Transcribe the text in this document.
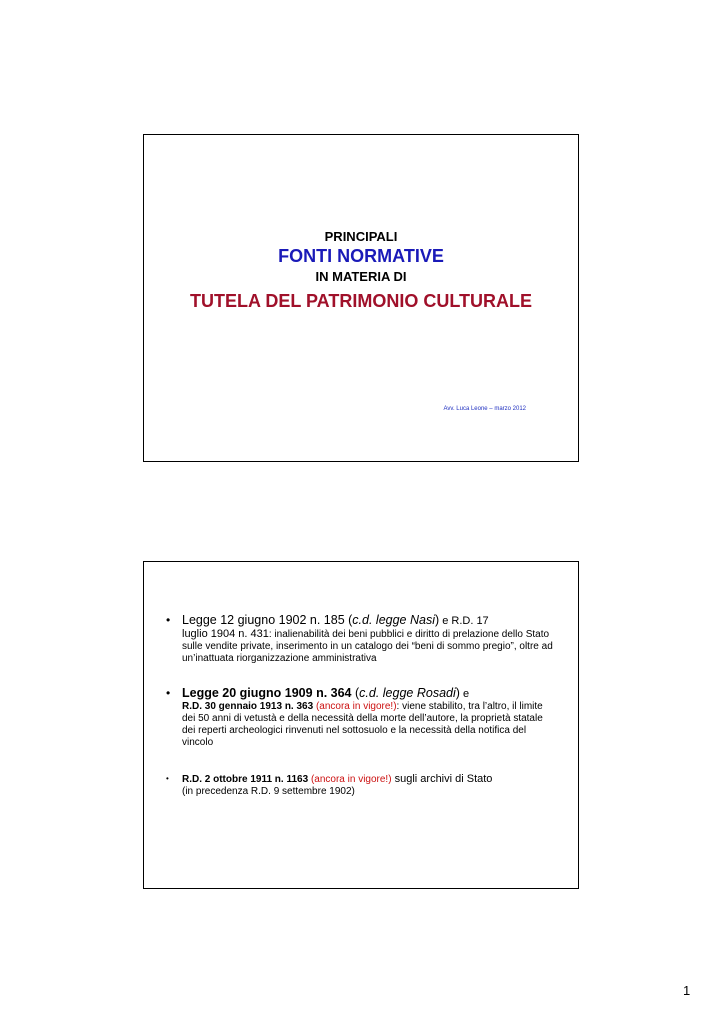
PRINCIPALI
FONTI NORMATIVE
IN MATERIA DI
TUTELA DEL PATRIMONIO CULTURALE
Avv. Luca Leone – marzo 2012
• Legge 12 giugno 1902 n. 185 (c.d. legge Nasi) e R.D. 17
luglio 1904 n. 431: inalienabilità dei beni pubblici e diritto di prelazione dello Stato sulle vendite private, inserimento in un catalogo dei “beni di sommo pregio”, oltre ad un’inattuata riorganizzazione amministrativa
• Legge 20 giugno 1909 n. 364 (c.d. legge Rosadi) e
R.D. 30 gennaio 1913 n. 363 (ancora in vigore!): viene stabilito, tra l’altro, il limite dei 50 anni di vetustà e della necessità della morte dell’autore, la proprietà statale dei reperti archeologici rinvenuti nel sottosuolo e la necessità della notifica del vincolo
• R.D. 2 ottobre 1911 n. 1163 (ancora in vigore!) sugli archivi di Stato
(in precedenza R.D. 9 settembre 1902)
1
